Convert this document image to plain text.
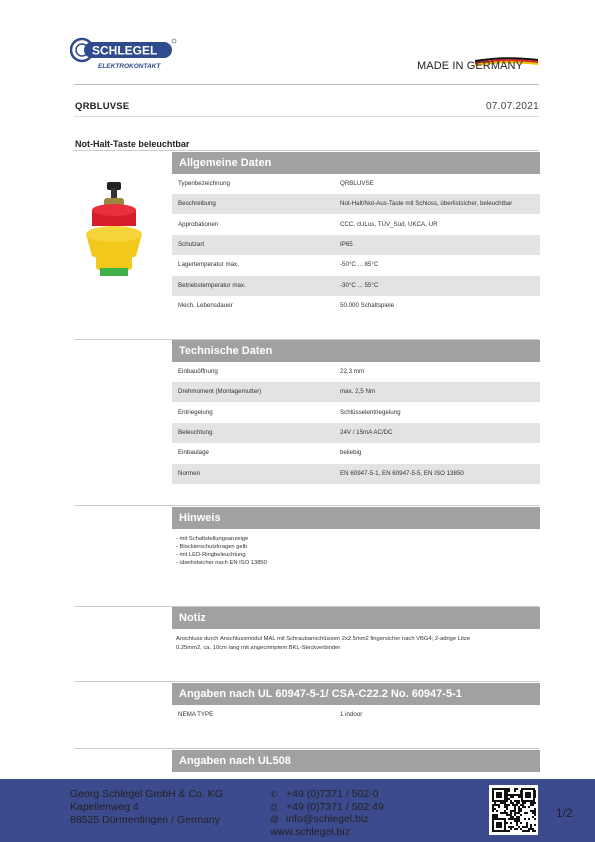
SCHLEGEL
ELEKTROKONTAKT	MADE IN GERMANY
QRBLUVSE	07.07.2021
Not-Halt-Taste beleuchtbar
Allgemeine Daten
Typenbezeichnung	QRBLUVSE
Beschreibung	Not-Halt/Not-Aus-Taste mit Schloss, überlistsicher, beleuchtbar
Approbationen	CCC, cULus, TÜV_Süd, UKCA, UR
Schutzart	IP65
Lagertemperatur max.	-50°C ... 85°C
Betriebstemperatur max.	-30°C ... 55°C
Mech. Lebensdauer	50.000 Schaltspiele
Technische Daten
Einbauöffnung	22,3 mm
Drehmoment (Montagemutter)	max. 2,5 Nm
Entriegelung	Schlüsselentriegelung
Beleuchtung	24V / 15mA AC/DC
Einbaulage	beliebig
Normen	EN 60947-5-1, EN 60947-5-5, EN ISO 13850
Hinweis
- mit Schaltstellungsanzeige
- Blockierschutzkragen gelb
- mit LED-Ringbeleuchtung
- überlistsicher nach EN ISO 13850
Notiz
Anschluss durch Anschlussmodul MAL mit Schraubanschlüssen 2x2,5mm2 fingersicher nach VBG4; 2-adrige Litze
0.25mm2, ca. 10cm lang mit angecrimptem BKL-Steckverbinder
Angaben nach UL 60947-5-1/ CSA-C22.2 No. 60947-5-1
NEMA TYPE	1 indoor
Angaben nach UL508
Georg Schlegel GmbH & Co. KG
Kapellenweg 4
88525 Dürmentingen / Germany
✆ +49 (0)7371 / 502-0
⎙ +49 (0)7371 / 502 49
@ info@schlegel.biz
www.schlegel.biz
1/2
